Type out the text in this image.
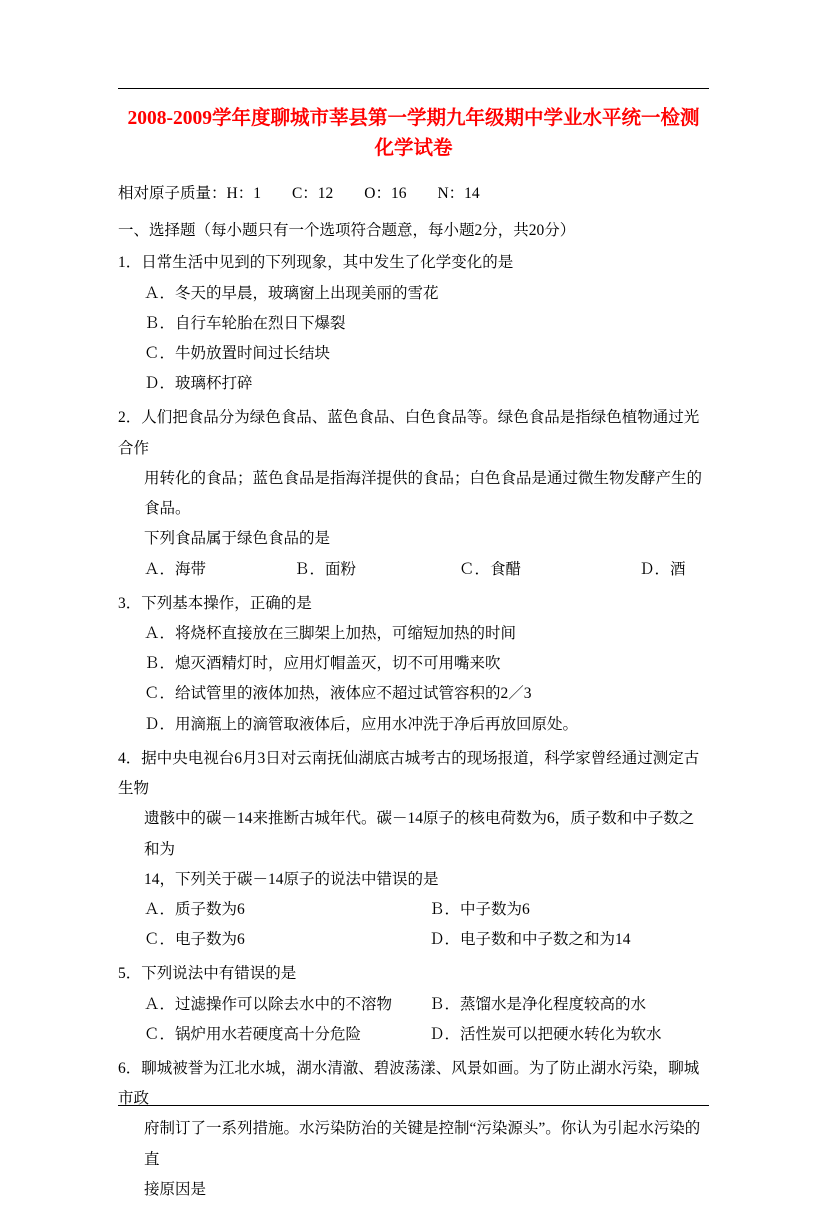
2008-2009学年度聊城市莘县第一学期九年级期中学业水平统一检测
化学试卷
相对原子质量：H：1        C：12        O：16        N：14
一、选择题（每小题只有一个选项符合题意，每小题2分，共20分）
1．日常生活中见到的下列现象，其中发生了化学变化的是
Ａ．冬天的早晨，玻璃窗上出现美丽的雪花
Ｂ．自行车轮胎在烈日下爆裂
Ｃ．牛奶放置时间过长结块
Ｄ．玻璃杯打碎
2．人们把食品分为绿色食品、蓝色食品、白色食品等。绿色食品是指绿色植物通过光合作
用转化的食品；蓝色食品是指海洋提供的食品；白色食品是通过微生物发酵产生的食品。
下列食品属于绿色食品的是
Ａ．海带	Ｂ．面粉	Ｃ．食醋	Ｄ．酒
3．下列基本操作，正确的是
Ａ．将烧杯直接放在三脚架上加热，可缩短加热的时间
Ｂ．熄灭酒精灯时，应用灯帽盖灭，切不可用嘴来吹
Ｃ．给试管里的液体加热，液体应不超过试管容积的2／3
Ｄ．用滴瓶上的滴管取液体后，应用水冲洗于净后再放回原处。
4．据中央电视台6月3日对云南抚仙湖底古城考古的现场报道，科学家曾经通过测定古生物
遗骸中的碳－14来推断古城年代。碳－14原子的核电荷数为6，质子数和中子数之和为
14，下列关于碳－14原子的说法中错误的是
Ａ．质子数为6	Ｂ．中子数为6
Ｃ．电子数为6	Ｄ．电子数和中子数之和为14
5．下列说法中有错误的是
Ａ．过滤操作可以除去水中的不溶物	Ｂ．蒸馏水是净化程度较高的水
Ｃ．锅炉用水若硬度高十分危险	Ｄ．活性炭可以把硬水转化为软水
6．聊城被誉为江北水城，湖水清澈、碧波荡漾、风景如画。为了防止湖水污染，聊城市政
府制订了一系列措施。水污染防治的关键是控制“污染源头”。你认为引起水污染的直
接原因是
